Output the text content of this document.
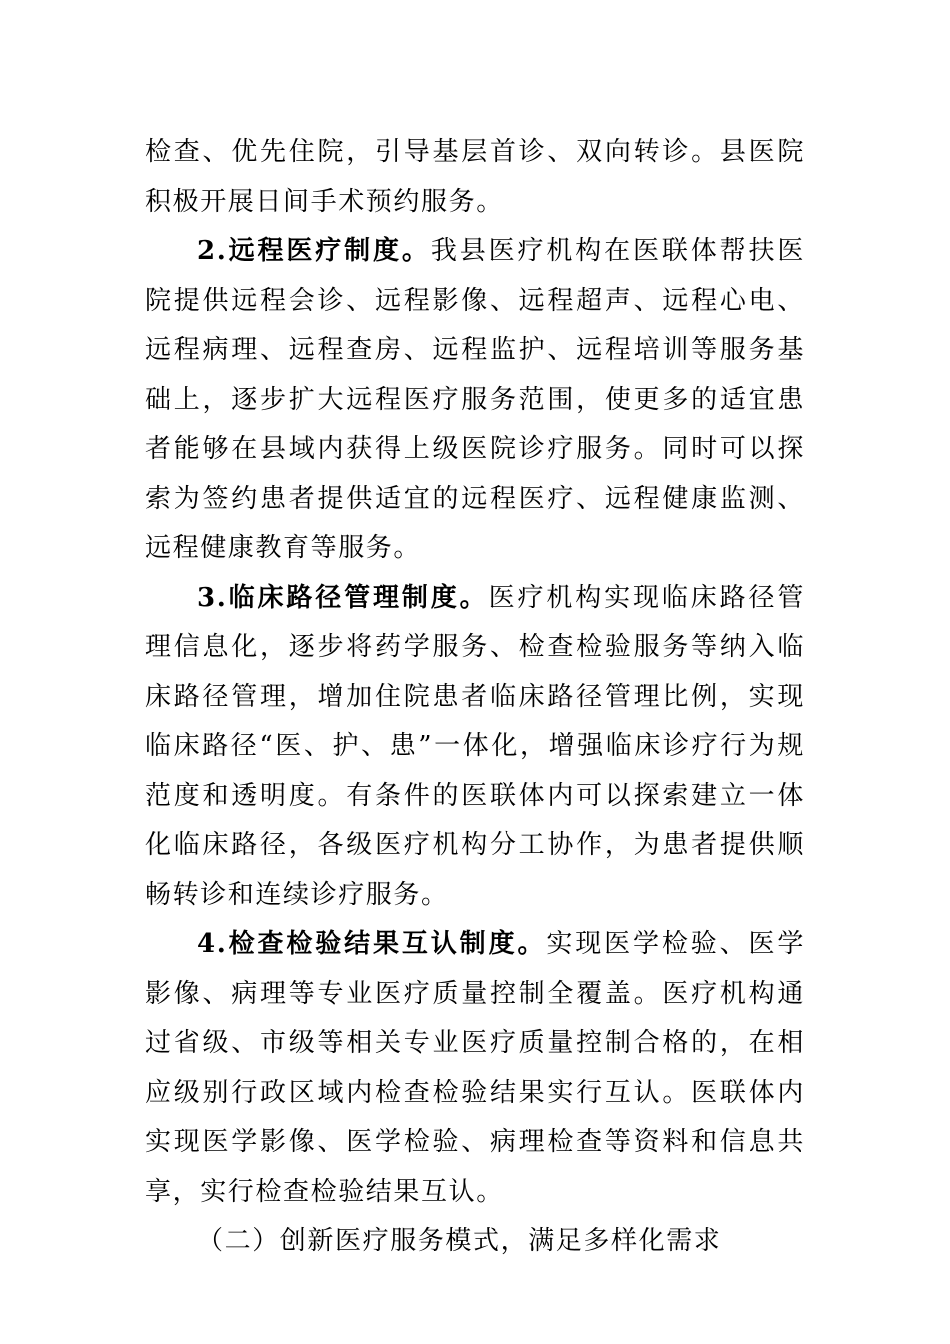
检查、优先住院，引导基层首诊、双向转诊。县医院积极开展日间手术预约服务。

2.远程医疗制度。我县医疗机构在医联体帮扶医院提供远程会诊、远程影像、远程超声、远程心电、远程病理、远程查房、远程监护、远程培训等服务基础上，逐步扩大远程医疗服务范围，使更多的适宜患者能够在县域内获得上级医院诊疗服务。同时可以探索为签约患者提供适宜的远程医疗、远程健康监测、远程健康教育等服务。

3.临床路径管理制度。医疗机构实现临床路径管理信息化，逐步将药学服务、检查检验服务等纳入临床路径管理，增加住院患者临床路径管理比例，实现临床路径“医、护、患”一体化，增强临床诊疗行为规范度和透明度。有条件的医联体内可以探索建立一体化临床路径，各级医疗机构分工协作，为患者提供顺畅转诊和连续诊疗服务。

4.检查检验结果互认制度。实现医学检验、医学影像、病理等专业医疗质量控制全覆盖。医疗机构通过省级、市级等相关专业医疗质量控制合格的，在相应级别行政区域内检查检验结果实行互认。医联体内实现医学影像、医学检验、病理检查等资料和信息共享，实行检查检验结果互认。

（二）创新医疗服务模式，满足多样化需求
